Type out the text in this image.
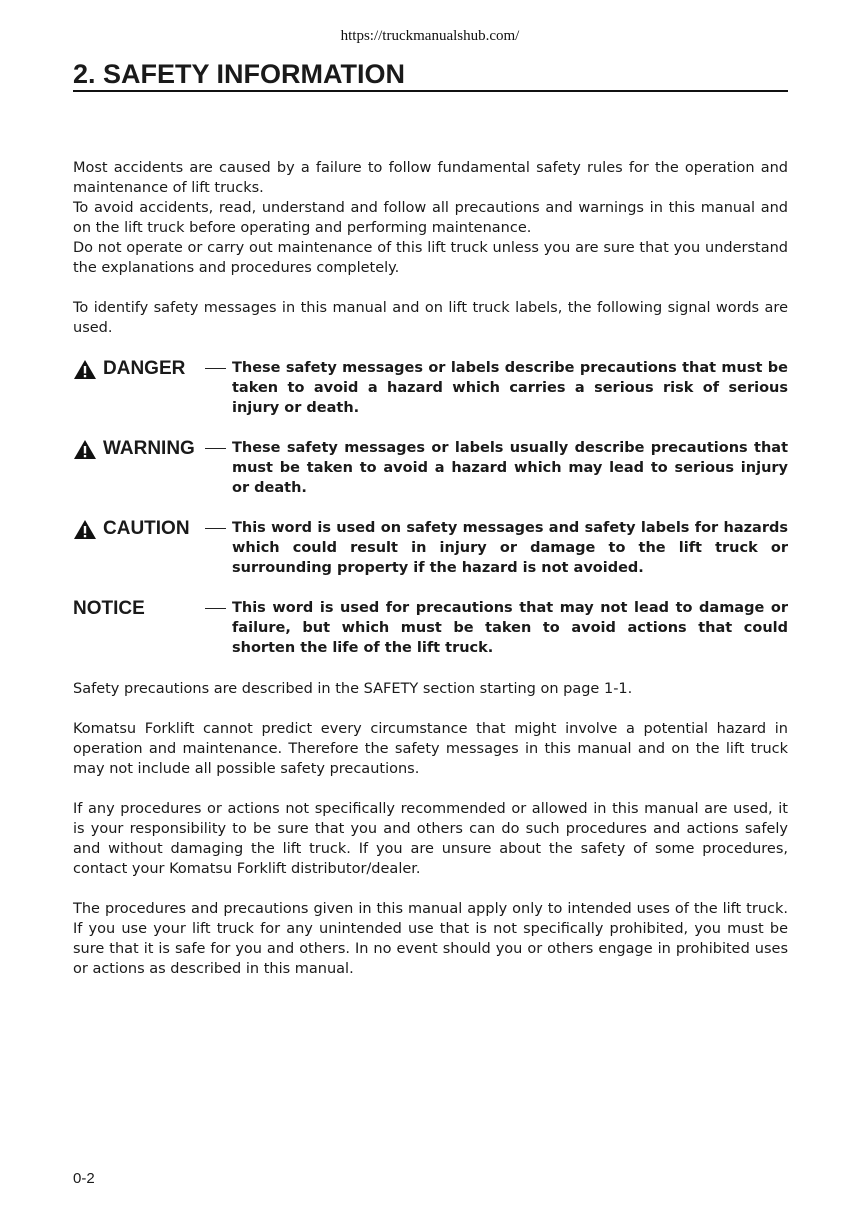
https://truckmanualshub.com/
2. SAFETY INFORMATION

Most accidents are caused by a failure to follow fundamental safety rules for the operation and maintenance of lift trucks.

To avoid accidents, read, understand and follow all precautions and warnings in this manual and on the lift truck before operating and performing maintenance.

Do not operate or carry out maintenance of this lift truck unless you are sure that you understand the explanations and procedures completely.

To identify safety messages in this manual and on lift truck labels, the following signal words are used.

DANGER	These safety messages or labels describe precautions that must be taken to avoid a hazard which carries a serious risk of serious injury or death.
WARNING	These safety messages or labels usually describe precautions that must be taken to avoid a hazard which may lead to serious injury or death.
CAUTION	This word is used on safety messages and safety labels for hazards which could result in injury or damage to the lift truck or surrounding property if the hazard is not avoided.
NOTICE	This word is used for precautions that may not lead to damage or failure, but which must be taken to avoid actions that could shorten the life of the lift truck.
Safety precautions are described in the SAFETY section starting on page 1-1.
Komatsu Forklift cannot predict every circumstance that might involve a potential hazard in operation and maintenance. Therefore the safety messages in this manual and on the lift truck may not include all possible safety precautions.
If any procedures or actions not specifically recommended or allowed in this manual are used, it is your responsibility to be sure that you and others can do such procedures and actions safely and without damaging the lift truck. If you are unsure about the safety of some procedures, contact your Komatsu Forklift distributor/dealer.
The procedures and precautions given in this manual apply only to intended uses of the lift truck. If you use your lift truck for any unintended use that is not specifically prohibited, you must be sure that it is safe for you and others. In no event should you or others engage in prohibited uses or actions as described in this manual.
0-2
